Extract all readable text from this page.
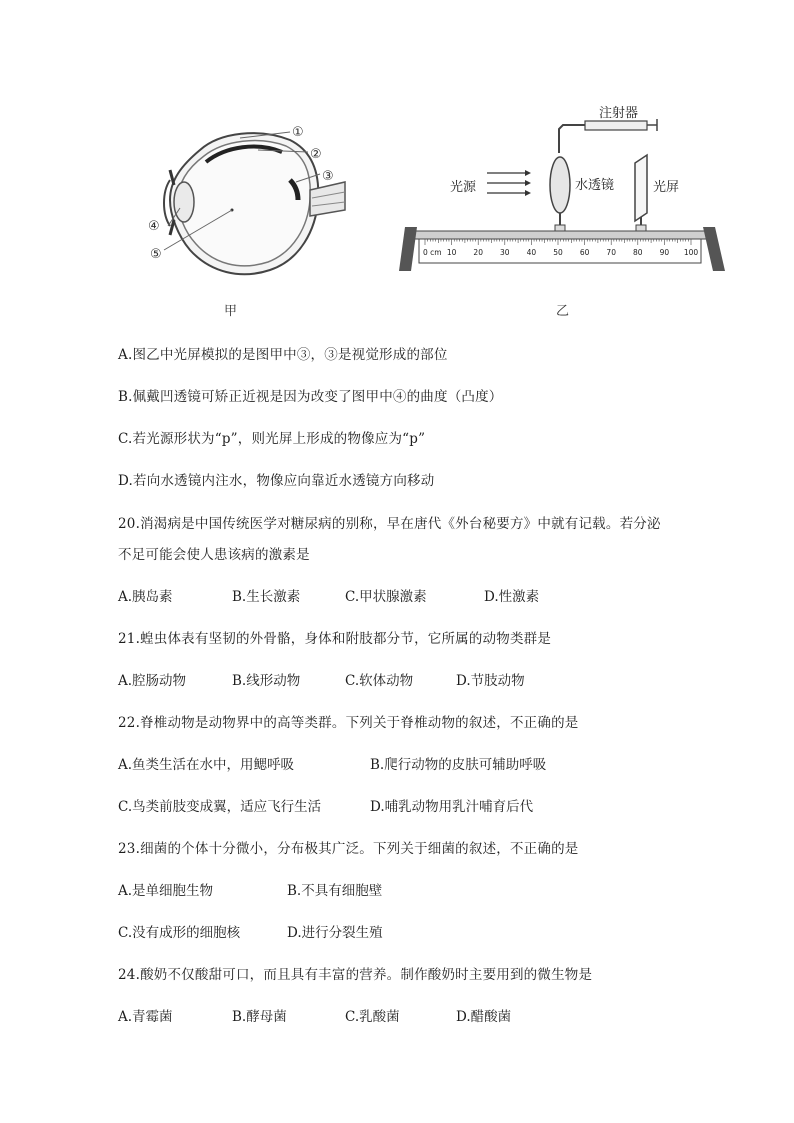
①
②
③
④
⑤
甲
注射器
光源	水透镜	光屏
0 cm 10 20 30 40 50 60 70 80 90 100
乙
A.图乙中光屏模拟的是图甲中③，③是视觉形成的部位
B.佩戴凹透镜可矫正近视是因为改变了图甲中④的曲度（凸度）
C.若光源形状为“p”，则光屏上形成的物像应为“p”
D.若向水透镜内注水，物像应向靠近水透镜方向移动
20.消渴病是中国传统医学对糖尿病的别称，早在唐代《外台秘要方》中就有记载。若分泌
不足可能会使人患该病的激素是
A.胰岛素	B.生长激素	C.甲状腺激素	D.性激素
21.蝗虫体表有坚韧的外骨骼，身体和附肢都分节，它所属的动物类群是
A.腔肠动物	B.线形动物	C.软体动物	D.节肢动物
22.脊椎动物是动物界中的高等类群。下列关于脊椎动物的叙述，不正确的是
A.鱼类生活在水中，用鳃呼吸	B.爬行动物的皮肤可辅助呼吸
C.鸟类前肢变成翼，适应飞行生活	D.哺乳动物用乳汁哺育后代
23.细菌的个体十分微小，分布极其广泛。下列关于细菌的叙述，不正确的是
A.是单细胞生物	B.不具有细胞壁
C.没有成形的细胞核	D.进行分裂生殖
24.酸奶不仅酸甜可口，而且具有丰富的营养。制作酸奶时主要用到的微生物是
A.青霉菌	B.酵母菌	C.乳酸菌	D.醋酸菌
